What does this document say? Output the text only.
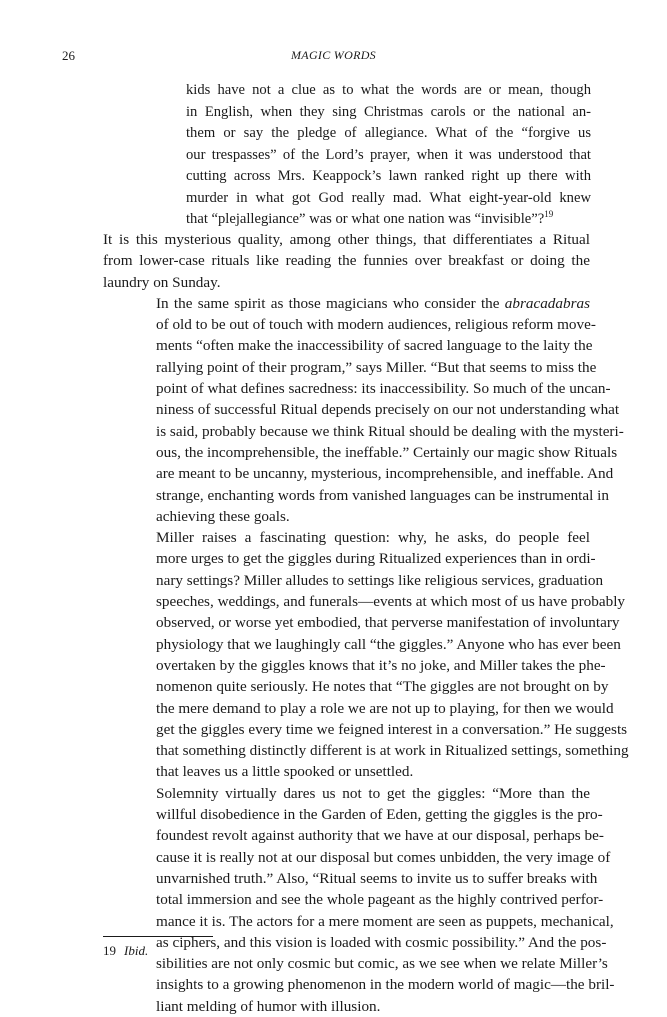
26	MAGIC WORDS
kids have not a clue as to what the words are or mean, though
in English, when they sing Christmas carols or the national an-
them or say the pledge of allegiance. What of the “forgive us
our trespasses” of the Lord’s prayer, when it was understood that
cutting across Mrs. Keappock’s lawn ranked right up there with
murder in what got God really mad. What eight-year-old knew
that “plejallegiance” was or what one nation was “invisible”?$^{19}$

It is this mysterious quality, among other things, that differentiates a Ritual
from lower-case rituals like reading the funnies over breakfast or doing the
laundry on Sunday.

In the same spirit as those magicians who consider the abracadabras
of old to be out of touch with modern audiences, religious reform move-
ments “often make the inaccessibility of sacred language to the laity the
rallying point of their program,” says Miller. “But that seems to miss the
point of what defines sacredness: its inaccessibility. So much of the uncan-
niness of successful Ritual depends precisely on our not understanding what
is said, probably because we think Ritual should be dealing with the mysteri-
ous, the incomprehensible, the ineffable.” Certainly our magic show Rituals
are meant to be uncanny, mysterious, incomprehensible, and ineffable. And
strange, enchanting words from vanished languages can be instrumental in
achieving these goals.

Miller raises a fascinating question: why, he asks, do people feel
more urges to get the giggles during Ritualized experiences than in ordi-
nary settings? Miller alludes to settings like religious services, graduation
speeches, weddings, and funerals—events at which most of us have probably
observed, or worse yet embodied, that perverse manifestation of involuntary
physiology that we laughingly call “the giggles.” Anyone who has ever been
overtaken by the giggles knows that it’s no joke, and Miller takes the phe-
nomenon quite seriously. He notes that “The giggles are not brought on by
the mere demand to play a role we are not up to playing, for then we would
get the giggles every time we feigned interest in a conversation.” He suggests
that something distinctly different is at work in Ritualized settings, something
that leaves us a little spooked or unsettled.

Solemnity virtually dares us not to get the giggles: “More than the
willful disobedience in the Garden of Eden, getting the giggles is the pro-
foundest revolt against authority that we have at our disposal, perhaps be-
cause it is really not at our disposal but comes unbidden, the very image of
unvarnished truth.” Also, “Ritual seems to invite us to suffer breaks with
total immersion and see the whole pageant as the highly contrived perfor-
mance it is. The actors for a mere moment are seen as puppets, mechanical,
as ciphers, and this vision is loaded with cosmic possibility.” And the pos-
sibilities are not only cosmic but comic, as we see when we relate Miller’s
insights to a growing phenomenon in the modern world of magic—the bril-
liant melding of humor with illusion.

19 Ibid.
